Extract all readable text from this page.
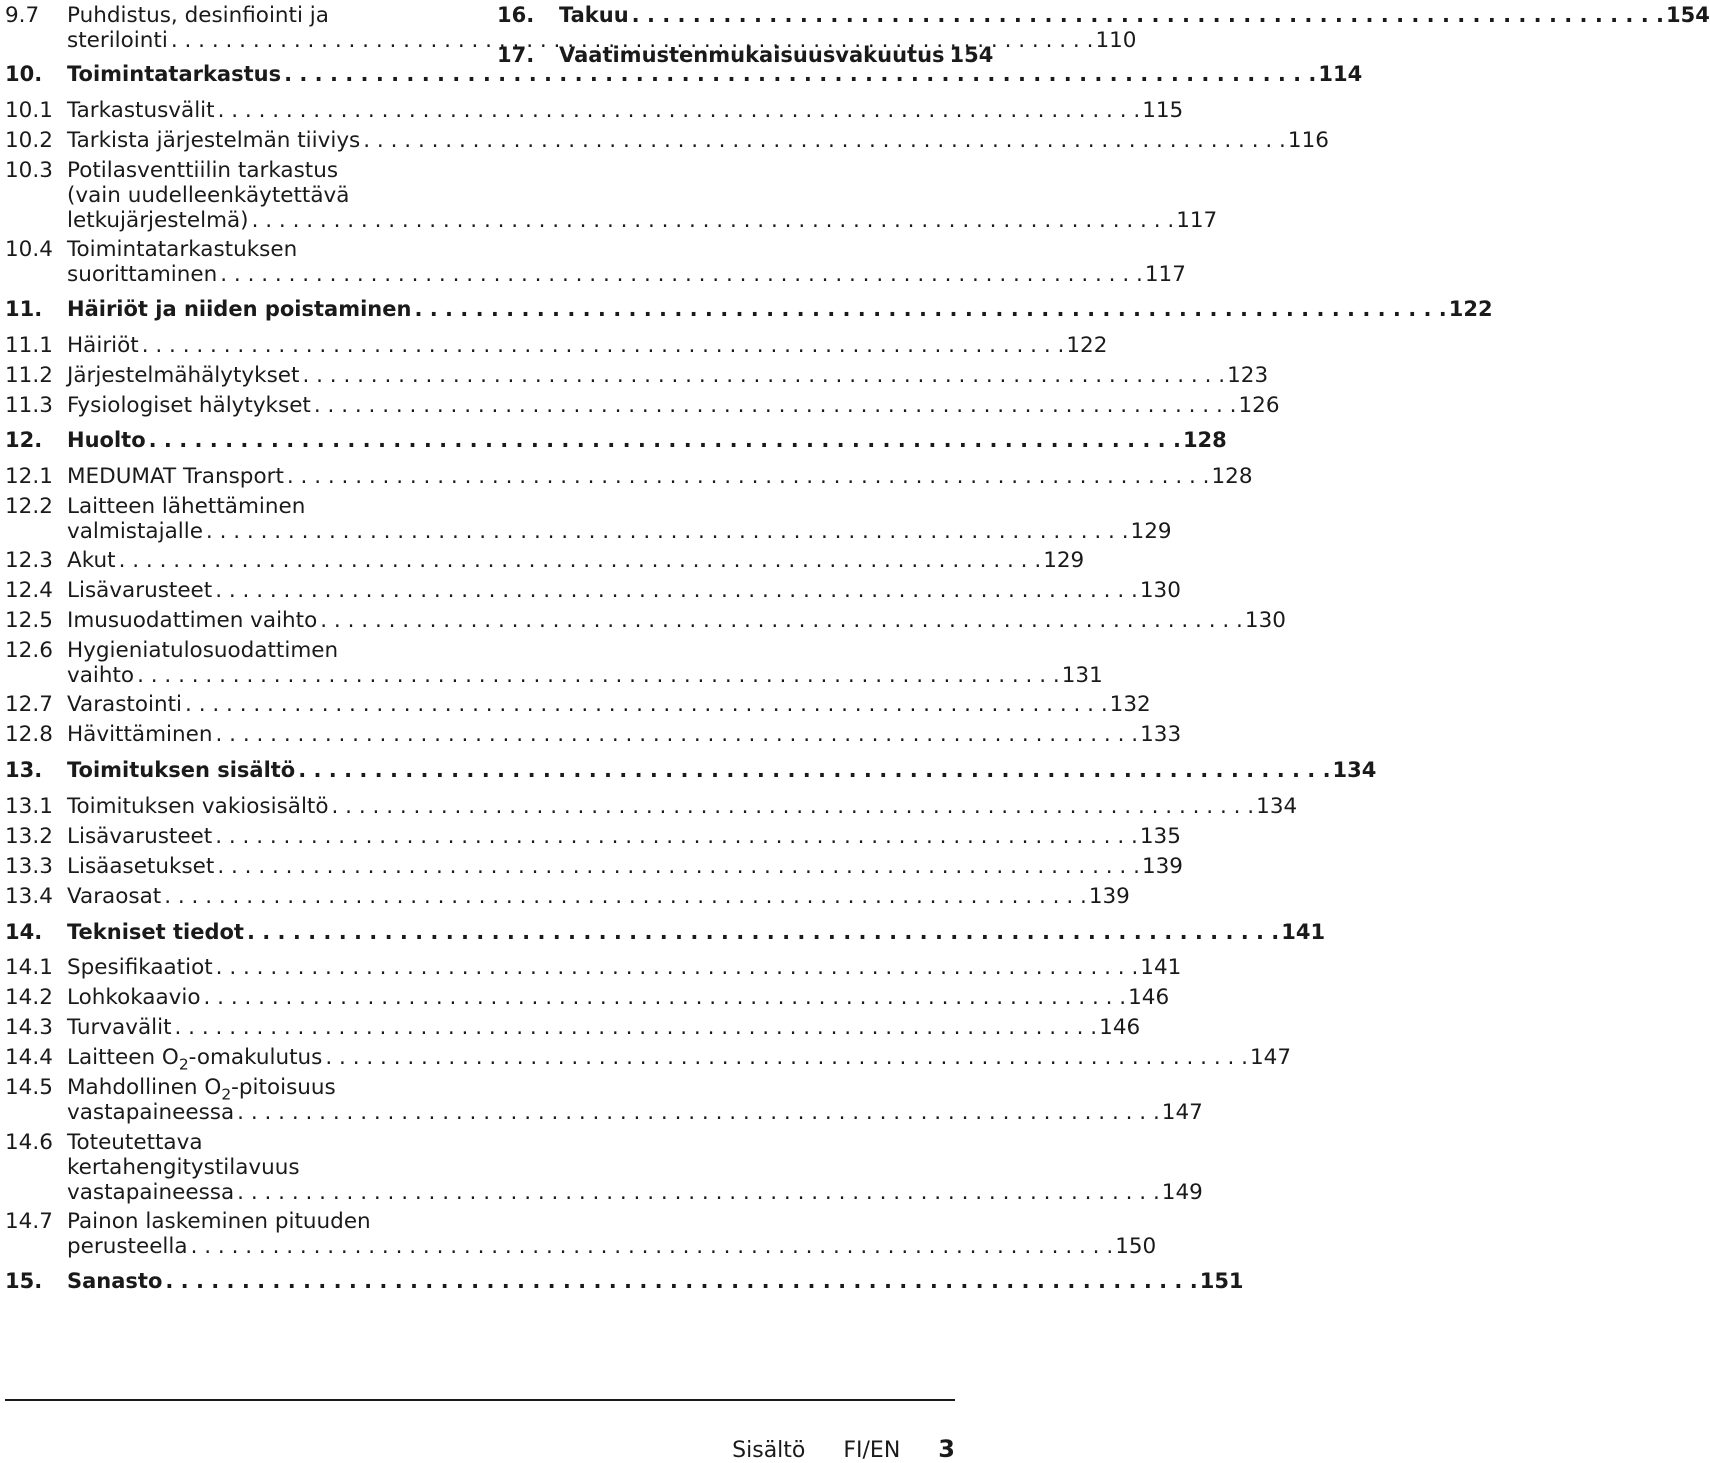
9.7	Puhdistus, desinfiointi ja
sterilointi . . .	110
10.	Toimintatarkastus . . .	114
10.1 Tarkastusvälit . . .	115
10.2 Tarkista järjestelmän tiiviys . . .	116
10.3 Potilasventtiilin tarkastus
(vain uudelleenkäytettävä
letkujärjestelmä) . . .	117
10.4 Toimintatarkastuksen
suorittaminen . . .	117
11.	Häiriöt ja niiden poistaminen . . .	122
11.1 Häiriöt . . .	122
11.2 Järjestelmähälytykset . . .	123
11.3 Fysiologiset hälytykset . . .	126
12.	Huolto . . .	128
12.1 MEDUMAT Transport . . .	128
12.2 Laitteen lähettäminen
valmistajalle . . .	129
12.3 Akut . . .	129
12.4 Lisävarusteet . . .	130
12.5 Imusuodattimen vaihto . . .	130
12.6 Hygieniatulosuodattimen
vaihto . . .	131
12.7 Varastointi . . .	132
12.8 Hävittäminen . . .	133
13.	Toimituksen sisältö . . .	134
13.1 Toimituksen vakiosisältö . . .	134
13.2 Lisävarusteet . . .	135
13.3 Lisäasetukset . . .	139
13.4 Varaosat . . .	139
14.	Tekniset tiedot . . .	141
14.1 Spesifikaatiot . . .	141
14.2 Lohkokaavio . . .	146
14.3 Turvavälit . . .	146
14.4 Laitteen $O_2$-omakulutus . . .	147
14.5 Mahdollinen $O_2$-pitoisuus
vastapaineessa . . .	147
14.6 Toteutettava
kertahengitystilavuus
vastapaineessa . . .	149
14.7 Painon laskeminen pituuden
perusteella . . .	150
15.	Sanasto . . .	151
16.	Takuu . . .	154
17.	Vaatimustenmukaisuusvakuutus 154
Sisältö FI/EN 3
